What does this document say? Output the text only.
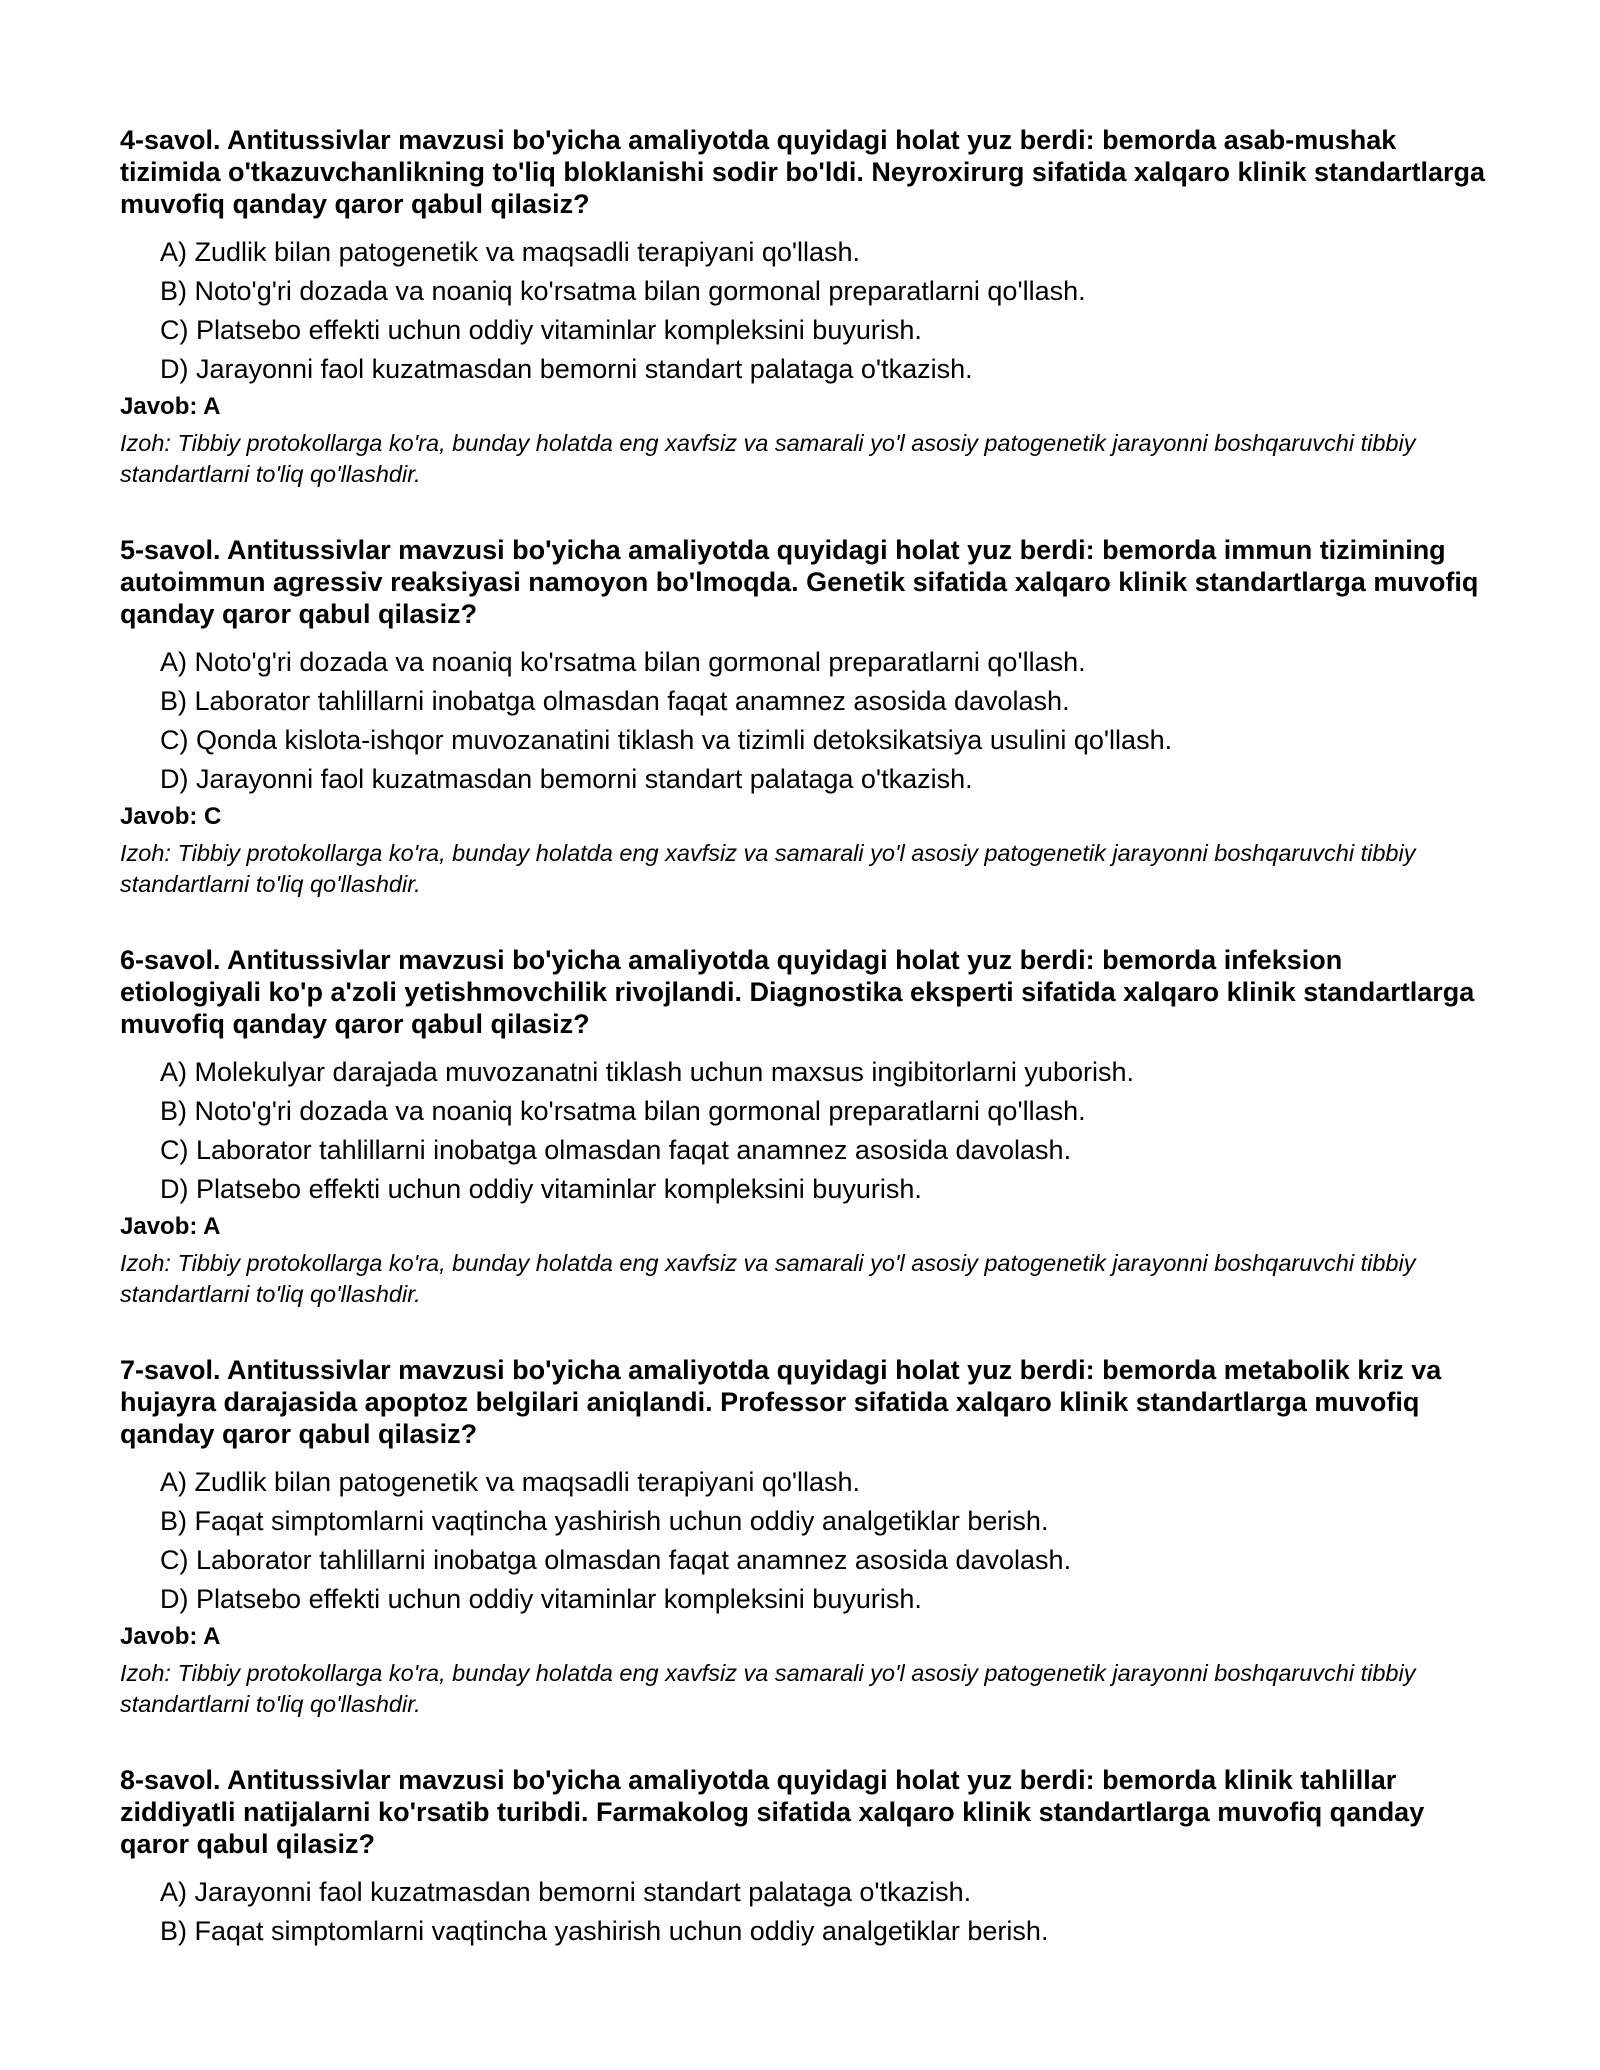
4-savol. Antitussivlar mavzusi bo'yicha amaliyotda quyidagi holat yuz berdi: bemorda asab-mushak tizimida o'tkazuvchanlikning to'liq bloklanishi sodir bo'ldi. Neyroxirurg sifatida xalqaro klinik standartlarga muvofiq qanday qaror qabul qilasiz?

A) Zudlik bilan patogenetik va maqsadli terapiyani qo'llash.
B) Noto'g'ri dozada va noaniq ko'rsatma bilan gormonal preparatlarni qo'llash.
C) Platsebo effekti uchun oddiy vitaminlar kompleksini buyurish.
D) Jarayonni faol kuzatmasdan bemorni standart palataga o'tkazish.

Javob: A

Izoh: Tibbiy protokollarga ko'ra, bunday holatda eng xavfsiz va samarali yo'l asosiy patogenetik jarayonni boshqaruvchi tibbiy standartlarni to'liq qo'llashdir.

5-savol. Antitussivlar mavzusi bo'yicha amaliyotda quyidagi holat yuz berdi: bemorda immun tizimining autoimmun agressiv reaksiyasi namoyon bo'lmoqda. Genetik sifatida xalqaro klinik standartlarga muvofiq qanday qaror qabul qilasiz?

A) Noto'g'ri dozada va noaniq ko'rsatma bilan gormonal preparatlarni qo'llash.
B) Laborator tahlillarni inobatga olmasdan faqat anamnez asosida davolash.
C) Qonda kislota-ishqor muvozanatini tiklash va tizimli detoksikatsiya usulini qo'llash.
D) Jarayonni faol kuzatmasdan bemorni standart palataga o'tkazish.

Javob: C

Izoh: Tibbiy protokollarga ko'ra, bunday holatda eng xavfsiz va samarali yo'l asosiy patogenetik jarayonni boshqaruvchi tibbiy standartlarni to'liq qo'llashdir.

6-savol. Antitussivlar mavzusi bo'yicha amaliyotda quyidagi holat yuz berdi: bemorda infeksion etiologiyali ko'p a'zoli yetishmovchilik rivojlandi. Diagnostika eksperti sifatida xalqaro klinik standartlarga muvofiq qanday qaror qabul qilasiz?

A) Molekulyar darajada muvozanatni tiklash uchun maxsus ingibitorlarni yuborish.
B) Noto'g'ri dozada va noaniq ko'rsatma bilan gormonal preparatlarni qo'llash.
C) Laborator tahlillarni inobatga olmasdan faqat anamnez asosida davolash.
D) Platsebo effekti uchun oddiy vitaminlar kompleksini buyurish.

Javob: A

Izoh: Tibbiy protokollarga ko'ra, bunday holatda eng xavfsiz va samarali yo'l asosiy patogenetik jarayonni boshqaruvchi tibbiy standartlarni to'liq qo'llashdir.

7-savol. Antitussivlar mavzusi bo'yicha amaliyotda quyidagi holat yuz berdi: bemorda metabolik kriz va hujayra darajasida apoptoz belgilari aniqlandi. Professor sifatida xalqaro klinik standartlarga muvofiq qanday qaror qabul qilasiz?

A) Zudlik bilan patogenetik va maqsadli terapiyani qo'llash.
B) Faqat simptomlarni vaqtincha yashirish uchun oddiy analgetiklar berish.
C) Laborator tahlillarni inobatga olmasdan faqat anamnez asosida davolash.
D) Platsebo effekti uchun oddiy vitaminlar kompleksini buyurish.

Javob: A

Izoh: Tibbiy protokollarga ko'ra, bunday holatda eng xavfsiz va samarali yo'l asosiy patogenetik jarayonni boshqaruvchi tibbiy standartlarni to'liq qo'llashdir.

8-savol. Antitussivlar mavzusi bo'yicha amaliyotda quyidagi holat yuz berdi: bemorda klinik tahlillar ziddiyatli natijalarni ko'rsatib turibdi. Farmakolog sifatida xalqaro klinik standartlarga muvofiq qanday qaror qabul qilasiz?

A) Jarayonni faol kuzatmasdan bemorni standart palataga o'tkazish.
B) Faqat simptomlarni vaqtincha yashirish uchun oddiy analgetiklar berish.
